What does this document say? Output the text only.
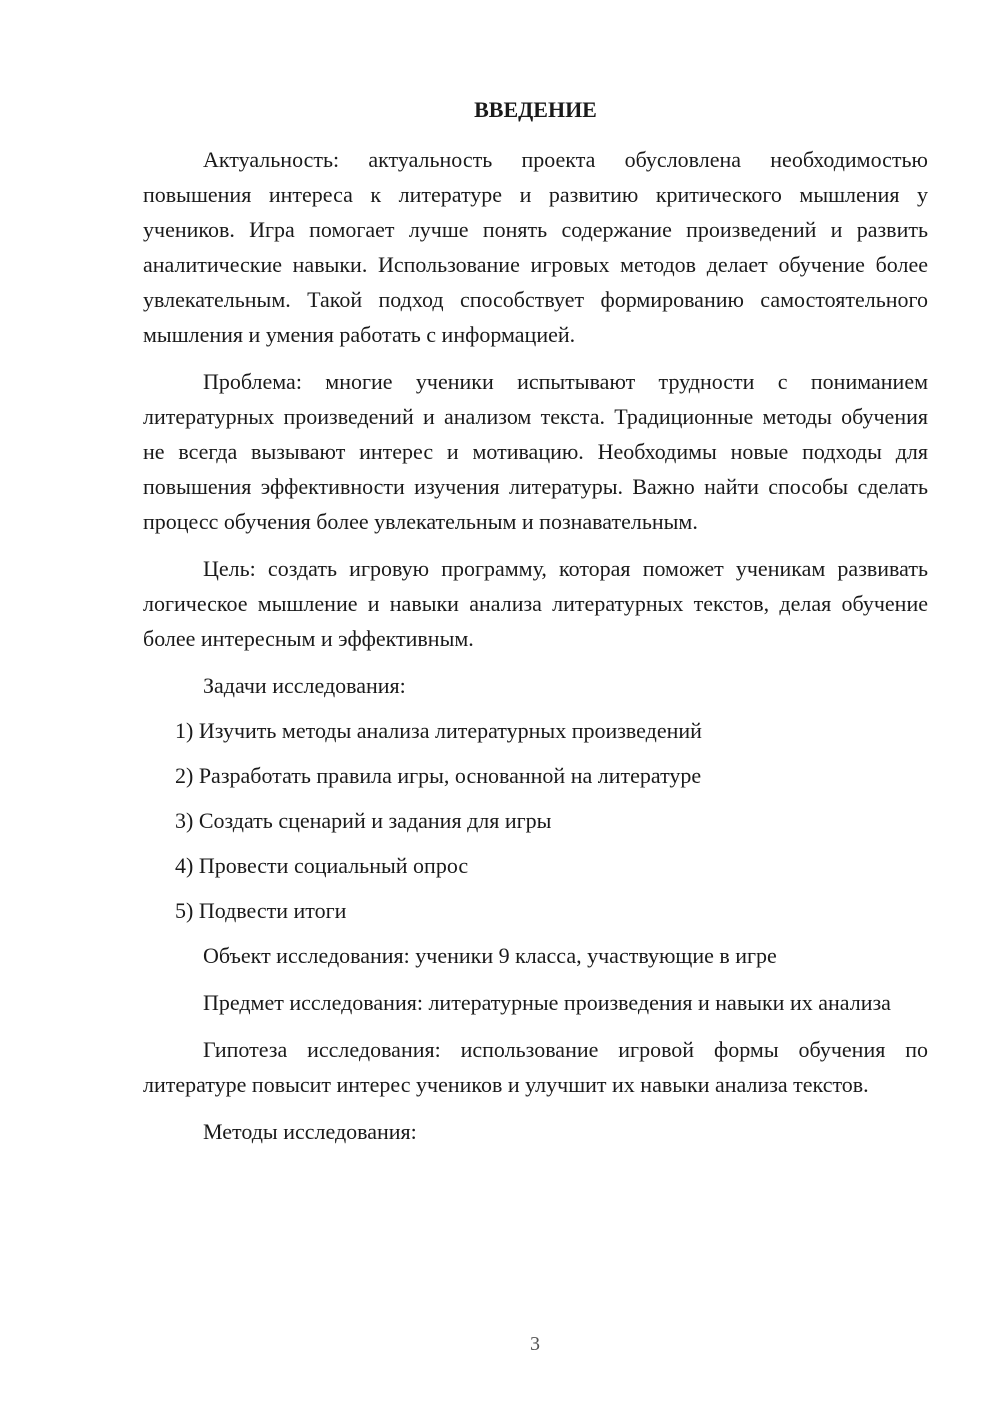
ВВЕДЕНИЕ

Актуальность: актуальность проекта обусловлена необходимостью повышения интереса к литературе и развитию критического мышления у учеников. Игра помогает лучше понять содержание произведений и развить аналитические навыки. Использование игровых методов делает обучение более увлекательным. Такой подход способствует формированию самостоятельного мышления и умения работать с информацией.

Проблема: многие ученики испытывают трудности с пониманием литературных произведений и анализом текста. Традиционные методы обучения не всегда вызывают интерес и мотивацию. Необходимы новые подходы для повышения эффективности изучения литературы. Важно найти способы сделать процесс обучения более увлекательным и познавательным.

Цель: создать игровую программу, которая поможет ученикам развивать логическое мышление и навыки анализа литературных текстов, делая обучение более интересным и эффективным.

Задачи исследования:
1) Изучить методы анализа литературных произведений
2) Разработать правила игры, основанной на литературе
3) Создать сценарий и задания для игры
4) Провести социальный опрос
5) Подвести итоги

Объект исследования: ученики 9 класса, участвующие в игре

Предмет исследования: литературные произведения и навыки их анализа

Гипотеза исследования: использование игровой формы обучения по литературе повысит интерес учеников и улучшит их навыки анализа текстов.

Методы исследования:
3
